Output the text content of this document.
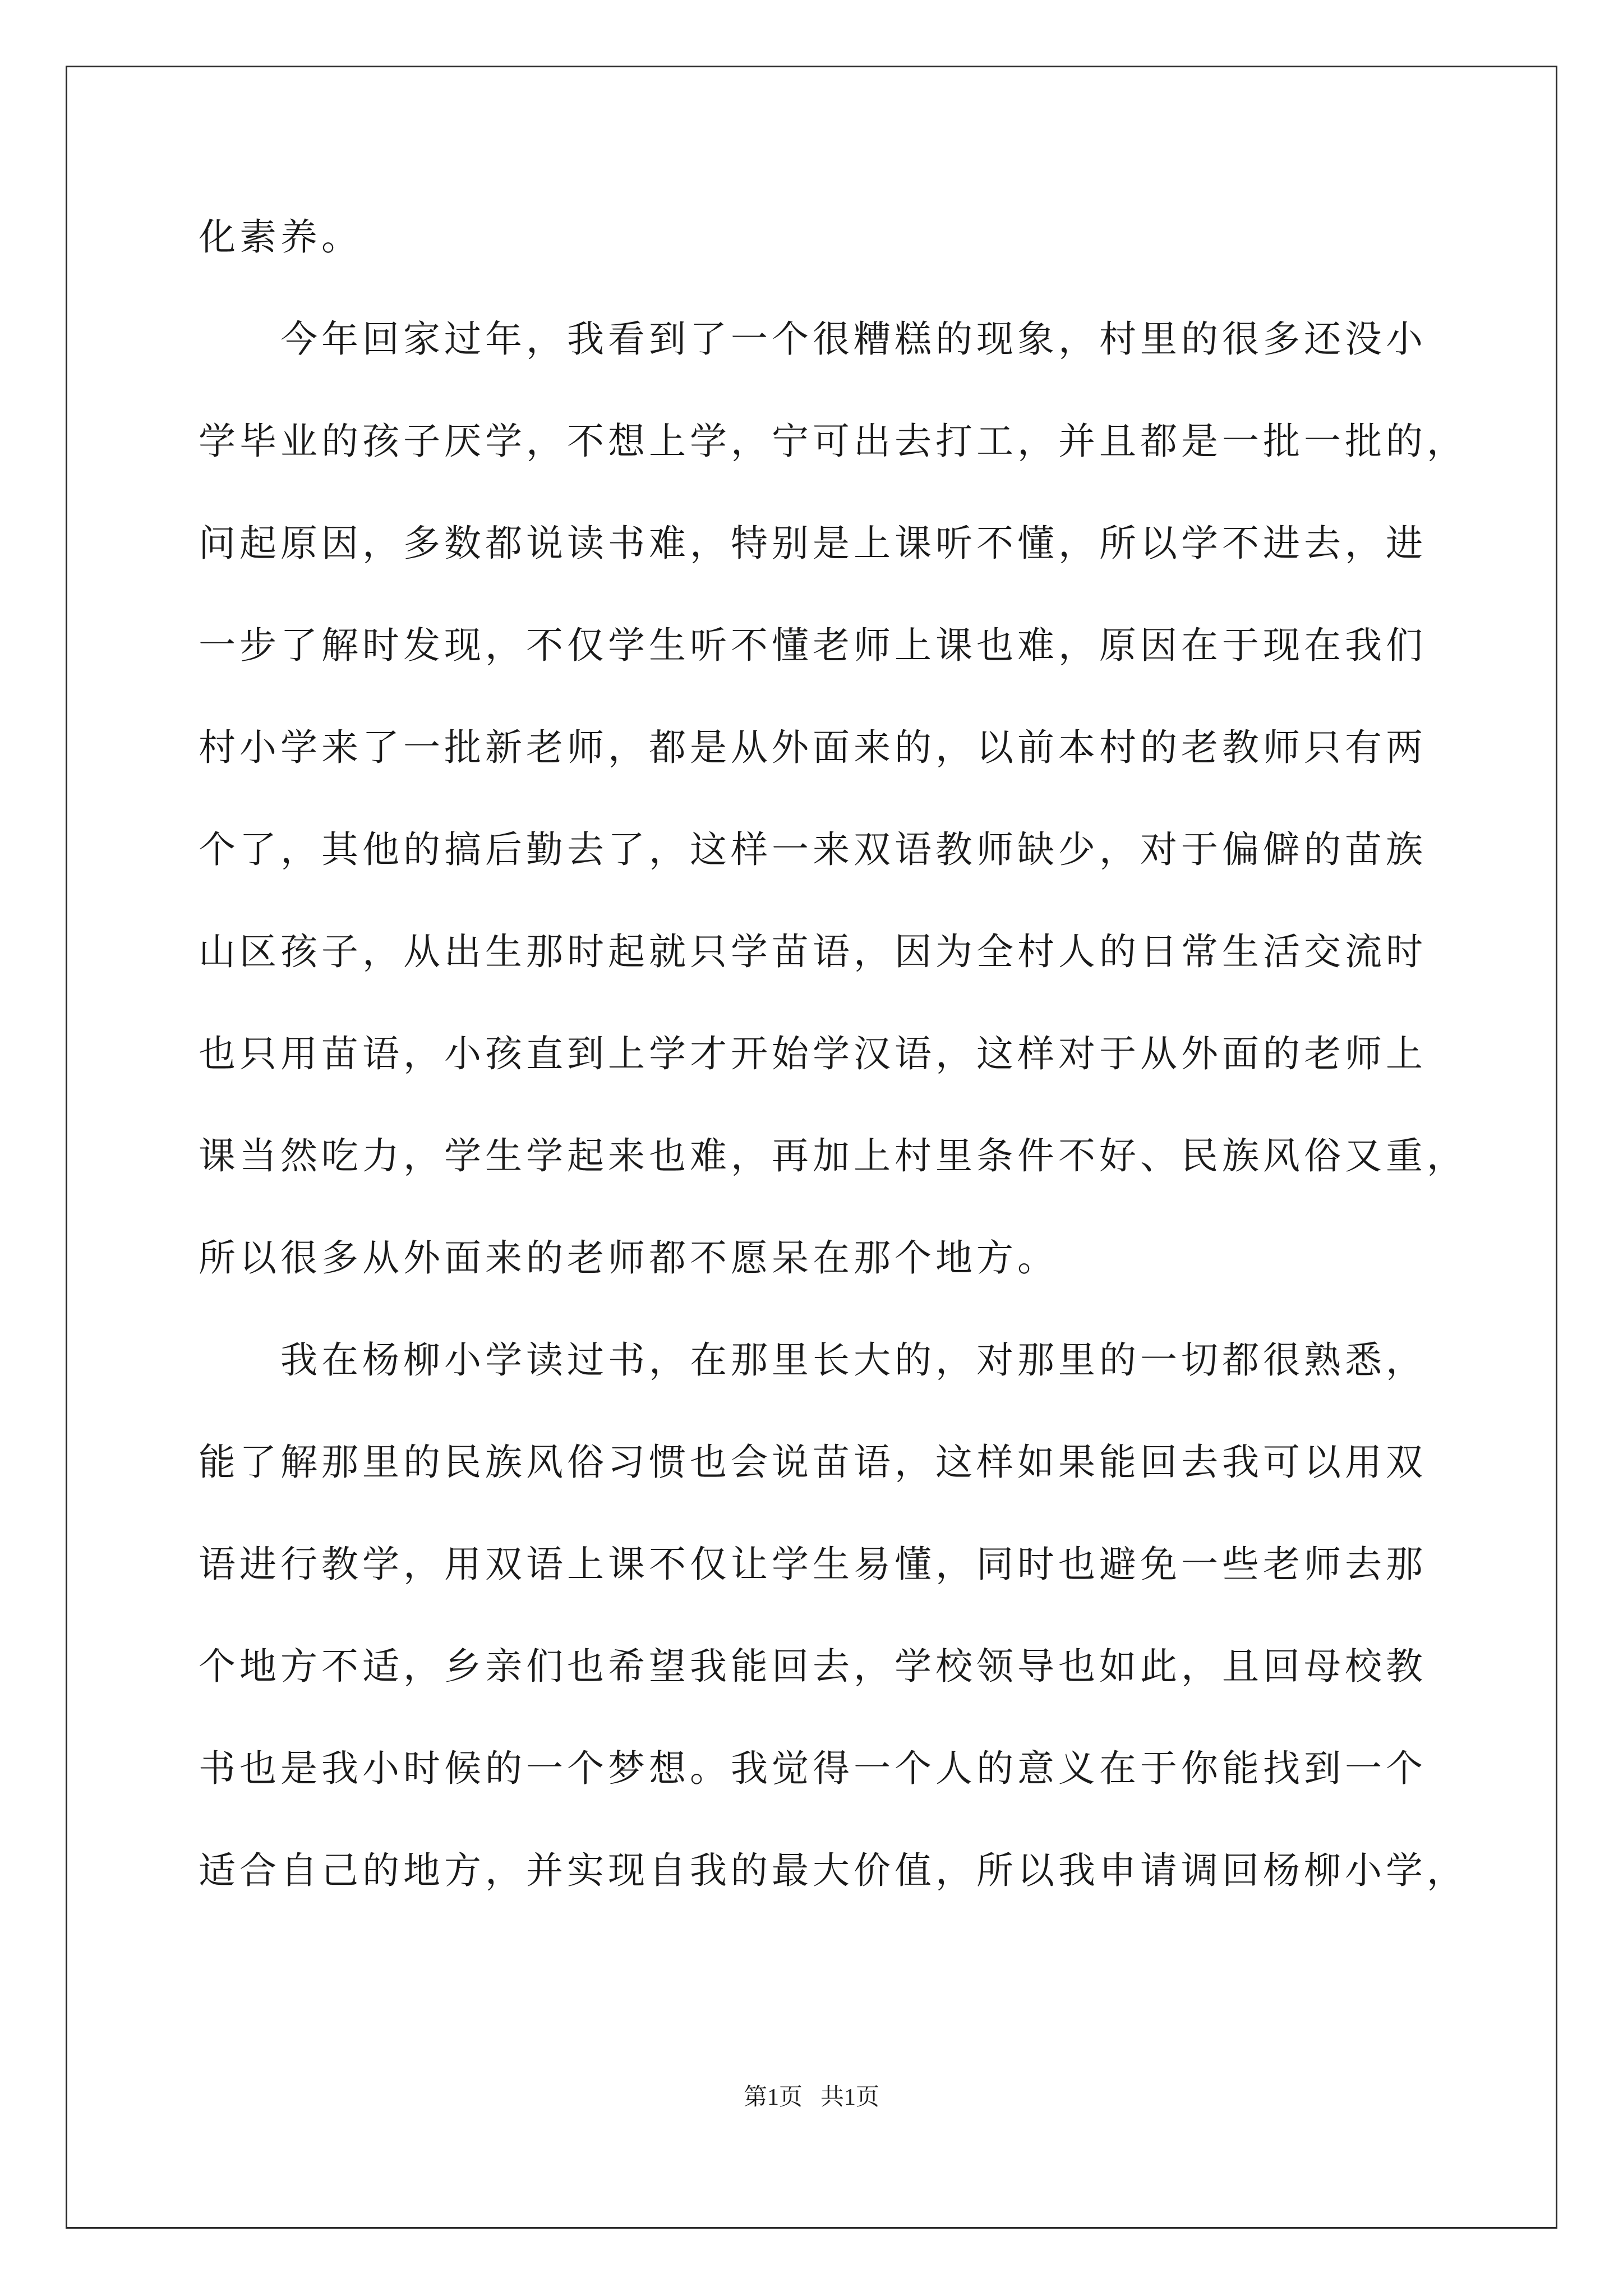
化素养。
　　今年回家过年，我看到了一个很糟糕的现象，村里的很多还没小
学毕业的孩子厌学，不想上学，宁可出去打工，并且都是一批一批的，
问起原因，多数都说读书难，特别是上课听不懂，所以学不进去，进
一步了解时发现，不仅学生听不懂老师上课也难，原因在于现在我们
村小学来了一批新老师，都是从外面来的，以前本村的老教师只有两
个了，其他的搞后勤去了，这样一来双语教师缺少，对于偏僻的苗族
山区孩子，从出生那时起就只学苗语，因为全村人的日常生活交流时
也只用苗语，小孩直到上学才开始学汉语，这样对于从外面的老师上
课当然吃力，学生学起来也难，再加上村里条件不好、民族风俗又重，
所以很多从外面来的老师都不愿呆在那个地方。
　　我在杨柳小学读过书，在那里长大的，对那里的一切都很熟悉，
能了解那里的民族风俗习惯也会说苗语，这样如果能回去我可以用双
语进行教学，用双语上课不仅让学生易懂，同时也避免一些老师去那
个地方不适，乡亲们也希望我能回去，学校领导也如此，且回母校教
书也是我小时候的一个梦想。我觉得一个人的意义在于你能找到一个
适合自己的地方，并实现自我的最大价值，所以我申请调回杨柳小学，
第1页 共1页
